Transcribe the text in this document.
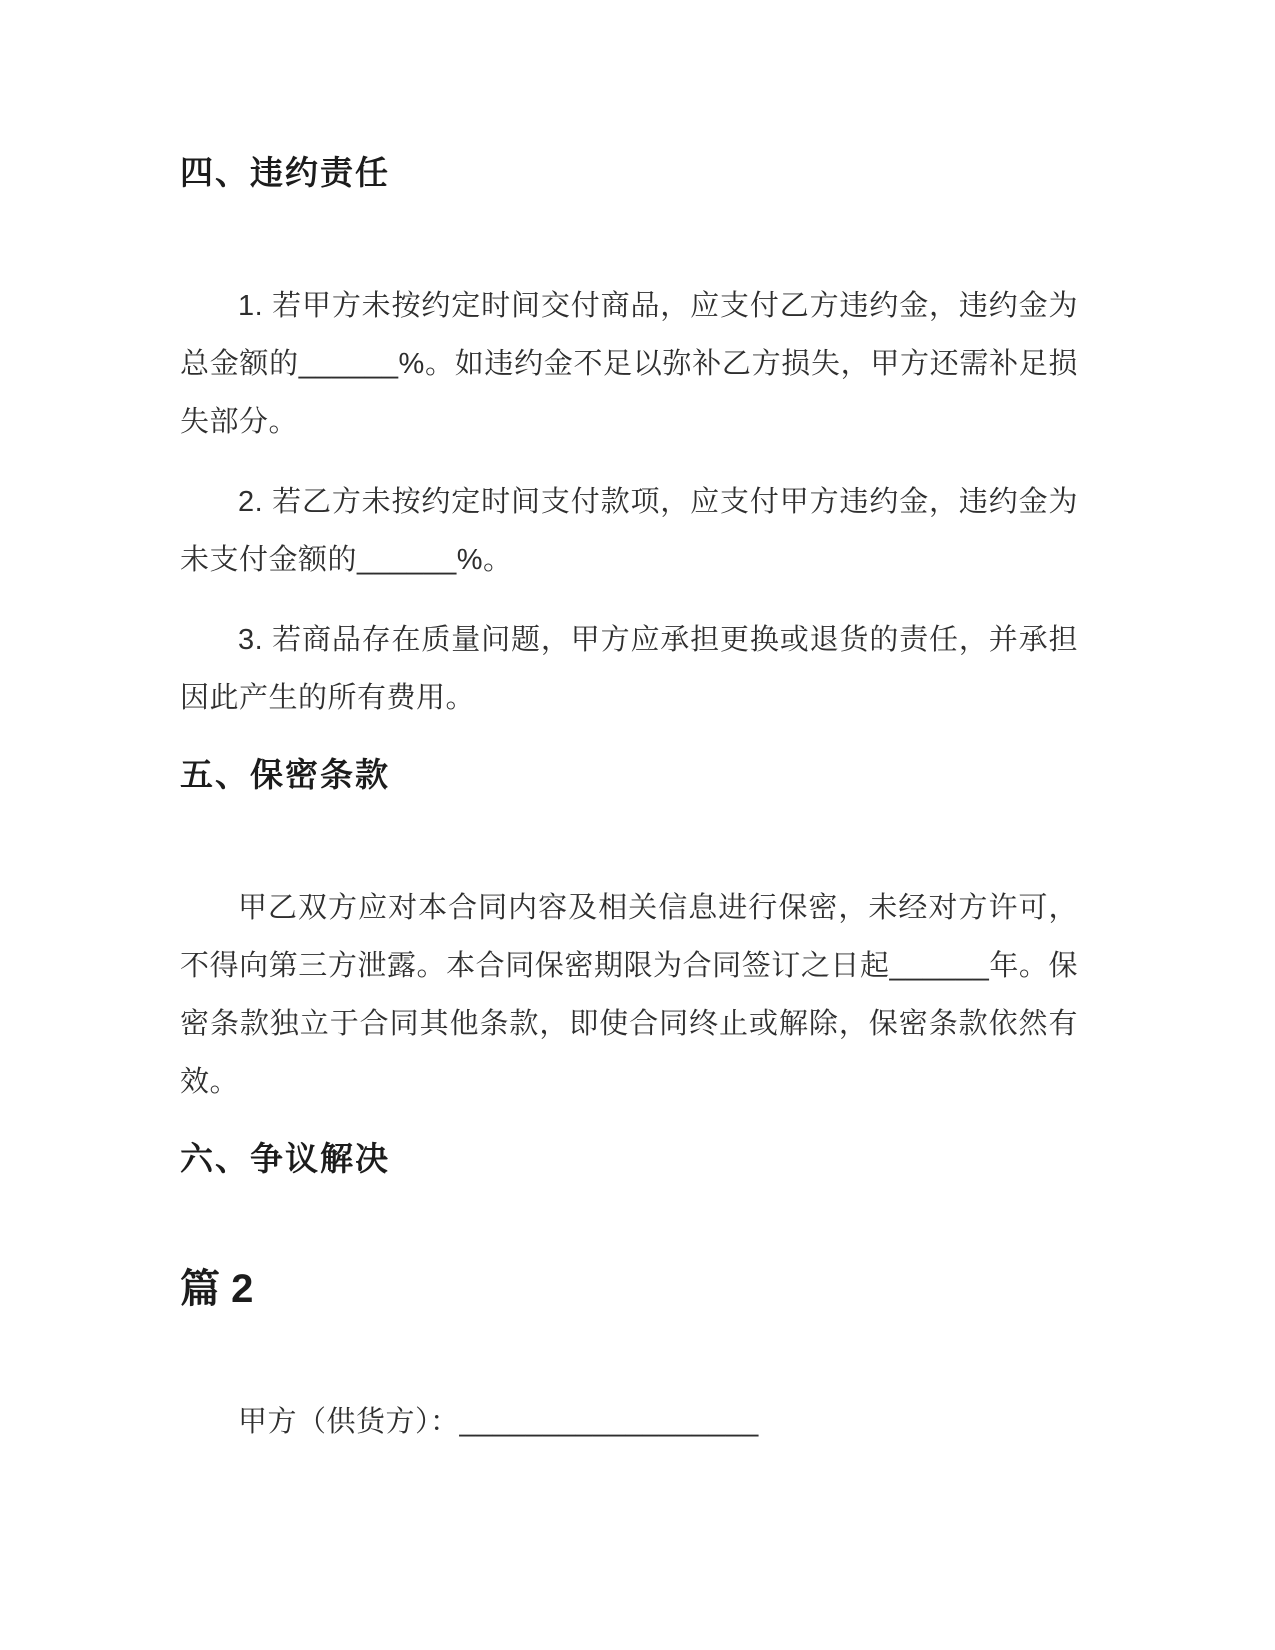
四、违约责任

1. 若甲方未按约定时间交付商品，应支付乙方违约金，违约金为总金额的______%。如违约金不足以弥补乙方损失，甲方还需补足损失部分。

2. 若乙方未按约定时间支付款项，应支付甲方违约金，违约金为未支付金额的______%。

3. 若商品存在质量问题，甲方应承担更换或退货的责任，并承担因此产生的所有费用。

五、保密条款

甲乙双方应对本合同内容及相关信息进行保密，未经对方许可，不得向第三方泄露。本合同保密期限为合同签订之日起______年。保密条款独立于合同其他条款，即使合同终止或解除，保密条款依然有效。

六、争议解决
篇 2

甲方（供货方）：__________________
